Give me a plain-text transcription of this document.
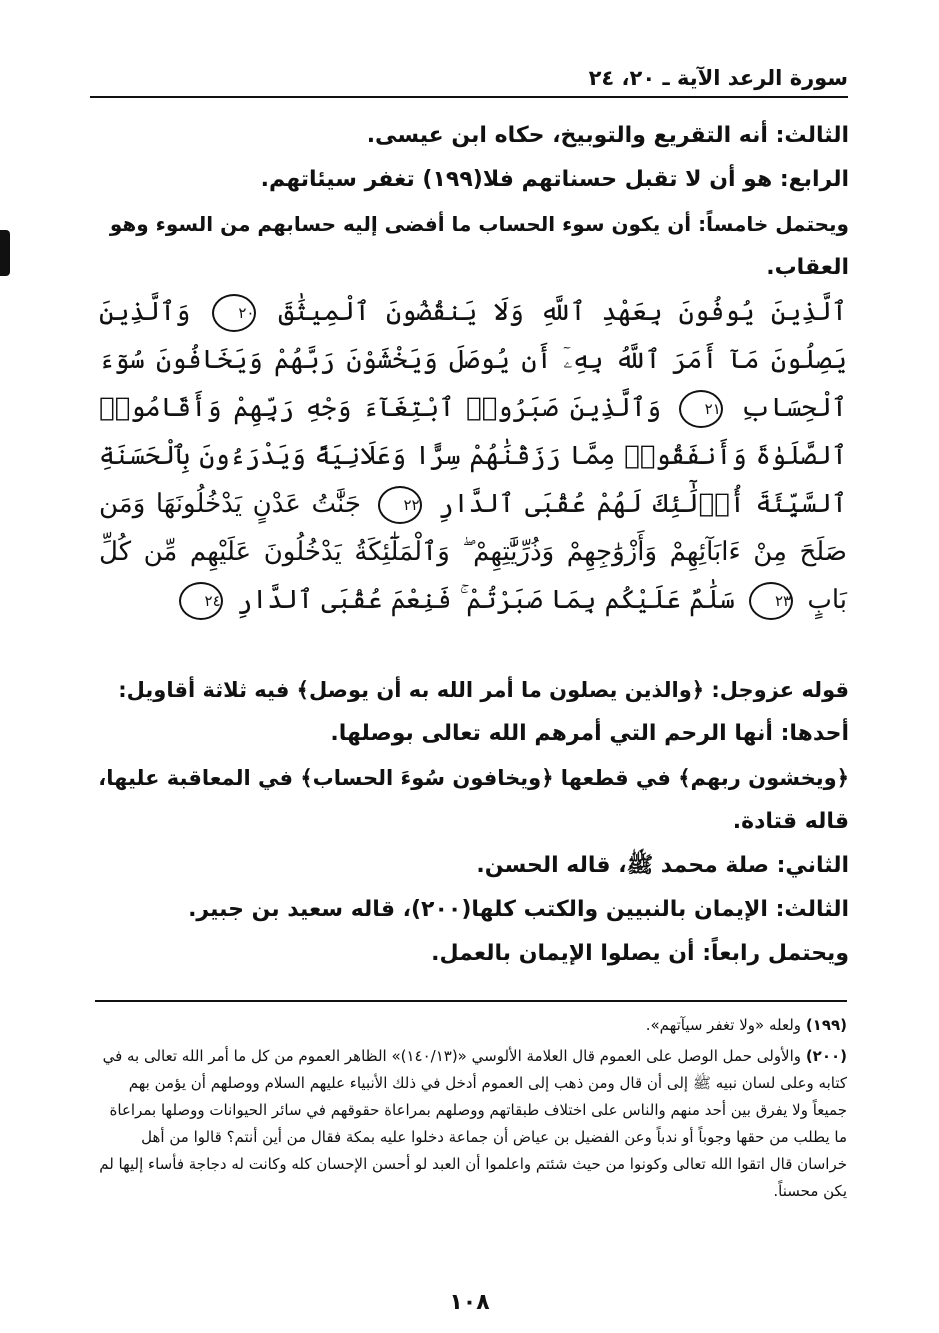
سورة الرعد الآية ـ ٢٠، ٢٤
الثالث: أنه التقريع والتوبيخ، حكاه ابن عيسى.
الرابع: هو أن لا تقبل حسناتهم فلا(١٩٩) تغفر سيئاتهم.
ويحتمل خامساً: أن يكون سوء الحساب ما أفضى إليه حسابهم من السوء وهو
العقاب.
ٱلَّذِينَ يُوفُونَ بِعَهْدِ ٱللَّهِ وَلَا يَنقُضُونَ ٱلْمِيثَٰقَ ٢٠ وَٱلَّذِينَ يَصِلُونَ مَآ أَمَرَ ٱللَّهُ بِهِۦٓ أَن يُوصَلَ وَيَخْشَوْنَ رَبَّهُمْ وَيَخَافُونَ سُوٓءَ ٱلْحِسَابِ ٢١ وَٱلَّذِينَ صَبَرُوا۟ ٱبْتِغَآءَ وَجْهِ رَبِّهِمْ وَأَقَامُوا۟ ٱلصَّلَوٰةَ وَأَنفَقُوا۟ مِمَّا رَزَقْنَٰهُمْ سِرًّا وَعَلَانِيَةً وَيَدْرَءُونَ بِٱلْحَسَنَةِ ٱلسَّيِّئَةَ أُو۟لَٰٓئِكَ لَهُمْ عُقْبَى ٱلدَّارِ ٢٢ جَنَّٰتُ عَدْنٍ يَدْخُلُونَهَا وَمَن صَلَحَ مِنْ ءَابَآئِهِمْ وَأَزْوَٰجِهِمْ وَذُرِّيَّٰتِهِمْ ۖ وَٱلْمَلَٰٓئِكَةُ يَدْخُلُونَ عَلَيْهِم مِّن كُلِّ بَابٍ ٢٣ سَلَٰمٌ عَلَيْكُم بِمَا صَبَرْتُمْ ۚ فَنِعْمَ عُقْبَى ٱلدَّارِ ٢٤
قوله عزوجل: ﴿والذين يصلون ما أمر الله به أن يوصل﴾ فيه ثلاثة أقاويل:
أحدها: أنها الرحم التي أمرهم الله تعالى بوصلها.
﴿ويخشون ربهم﴾ في قطعها ﴿ويخافون سُوءَ الحساب﴾ في المعاقبة عليها،
قاله قتادة.
الثاني: صلة محمد ﷺ، قاله الحسن.
الثالث: الإيمان بالنبيين والكتب كلها(٢٠٠)، قاله سعيد بن جبير.
ويحتمل رابعاً: أن يصلوا الإيمان بالعمل.
(١٩٩) ولعله «ولا تغفر سيآتهم».
(٢٠٠) والأولى حمل الوصل على العموم قال العلامة الألوسي «(١٤٠/١٣)» الظاهر العموم من كل ما أمر الله تعالى به في كتابه وعلى لسان نبيه ﷺ إلى أن قال ومن ذهب إلى العموم أدخل في ذلك الأنبياء عليهم السلام ووصلهم أن يؤمن بهم جميعاً ولا يفرق بين أحد منهم والناس على اختلاف طبقاتهم ووصلهم بمراعاة حقوقهم في سائر الحيوانات ووصلها بمراعاة ما يطلب من حقها وجوباً أو ندباً وعن الفضيل بن عياض أن جماعة دخلوا عليه بمكة فقال من أين أنتم؟ قالوا من أهل خراسان قال اتقوا الله تعالى وكونوا من حيث شئتم واعلموا أن العبد لو أحسن الإحسان كله وكانت له دجاجة فأساء إليها لم يكن محسناً.
١٠٨
